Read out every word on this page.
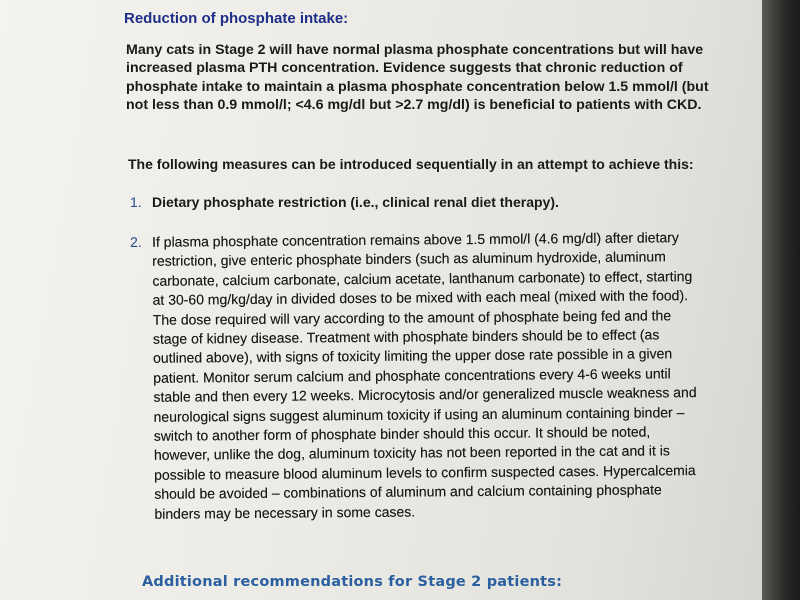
Reduction of phosphate intake:

Many cats in Stage 2 will have normal plasma phosphate concentrations but will have increased plasma PTH concentration. Evidence suggests that chronic reduction of phosphate intake to maintain a plasma phosphate concentration below 1.5 mmol/l (but not less than 0.9 mmol/l; <4.6 mg/dl but >2.7 mg/dl) is beneficial to patients with CKD.

The following measures can be introduced sequentially in an attempt to achieve this:

1. Dietary phosphate restriction (i.e., clinical renal diet therapy).
2. If plasma phosphate concentration remains above 1.5 mmol/l (4.6 mg/dl) after dietary restriction, give enteric phosphate binders (such as aluminum hydroxide, aluminum carbonate, calcium carbonate, calcium acetate, lanthanum carbonate) to effect, starting at 30-60 mg/kg/day in divided doses to be mixed with each meal (mixed with the food). The dose required will vary according to the amount of phosphate being fed and the stage of kidney disease. Treatment with phosphate binders should be to effect (as outlined above), with signs of toxicity limiting the upper dose rate possible in a given patient. Monitor serum calcium and phosphate concentrations every 4-6 weeks until stable and then every 12 weeks. Microcytosis and/or generalized muscle weakness and neurological signs suggest aluminum toxicity if using an aluminum containing binder – switch to another form of phosphate binder should this occur. It should be noted, however, unlike the dog, aluminum toxicity has not been reported in the cat and it is possible to measure blood aluminum levels to confirm suspected cases. Hypercalcemia should be avoided – combinations of aluminum and calcium containing phosphate binders may be necessary in some cases.
Additional recommendations for Stage 2 patients:
